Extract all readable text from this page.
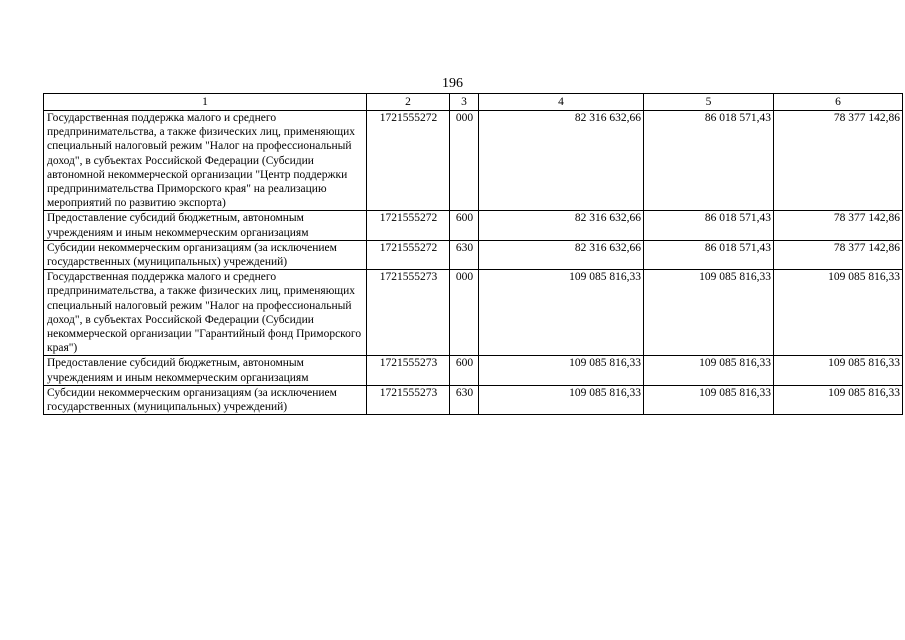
196
1	2	3	4	5	6
Государственная поддержка малого и среднего предпринимательства, а также физических лиц, применяющих специальный налоговый режим "Налог на профессиональный доход", в субъектах Российской Федерации (Субсидии автономной некоммерческой организации "Центр поддержки предпринимательства Приморского края" на реализацию мероприятий по развитию экспорта)	1721555272	000	82 316 632,66	86 018 571,43	78 377 142,86
Предоставление субсидий бюджетным, автономным учреждениям и иным некоммерческим организациям	1721555272	600	82 316 632,66	86 018 571,43	78 377 142,86
Субсидии некоммерческим организациям (за исключением государственных (муниципальных) учреждений)	1721555272	630	82 316 632,66	86 018 571,43	78 377 142,86
Государственная поддержка малого и среднего предпринимательства, а также физических лиц, применяющих специальный налоговый режим "Налог на профессиональный доход", в субъектах Российской Федерации (Субсидии некоммерческой организации "Гарантийный фонд Приморского края")	1721555273	000	109 085 816,33	109 085 816,33	109 085 816,33
Предоставление субсидий бюджетным, автономным учреждениям и иным некоммерческим организациям	1721555273	600	109 085 816,33	109 085 816,33	109 085 816,33
Субсидии некоммерческим организациям (за исключением государственных (муниципальных) учреждений)	1721555273	630	109 085 816,33	109 085 816,33	109 085 816,33
